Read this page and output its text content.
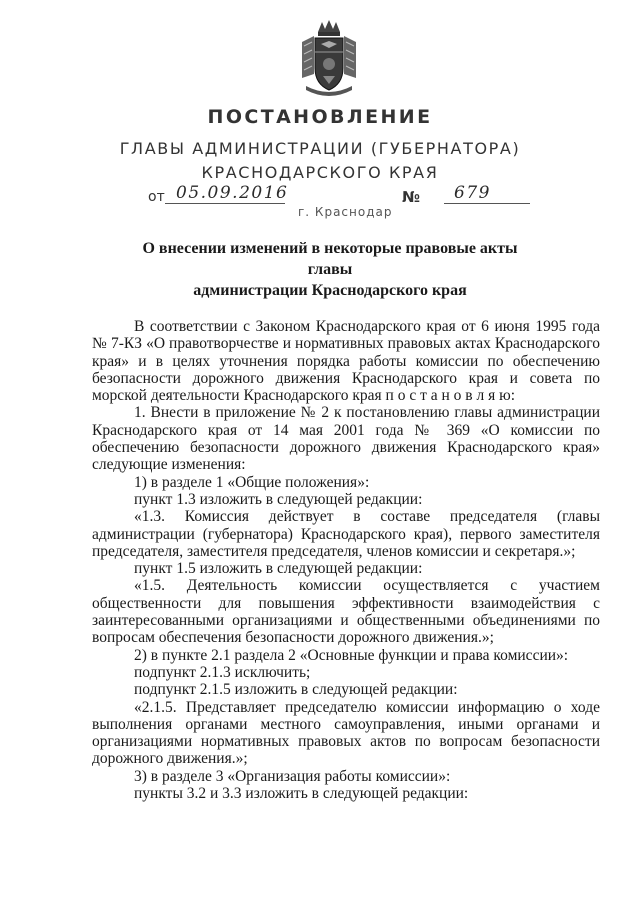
ПОСТАНОВЛЕНИЕ
ГЛАВЫ АДМИНИСТРАЦИИ (ГУБЕРНАТОРА)
КРАСНОДАРСКОГО КРАЯ
от 05.09.2016	№ 679
г. Краснодар
О внесении изменений в некоторые правовые акты главы
администрации Краснодарского края

В соответствии с Законом Краснодарского края от 6 июня 1995 года № 7-КЗ «О правотворчестве и нормативных правовых актах Краснодарского края» и в целях уточнения порядка работы комиссии по обеспечению безопасности дорожного движения Краснодарского края и совета по морской деятельности Краснодарского края п о с т а н о в л я ю:

1. Внести в приложение № 2 к постановлению главы администрации Краснодарского края от 14 мая 2001 года № 369 «О комиссии по обеспечению безопасности дорожного движения Краснодарского края» следующие изменения:

1) в разделе 1 «Общие положения»:

пункт 1.3 изложить в следующей редакции:

«1.3. Комиссия действует в составе председателя (главы администрации (губернатора) Краснодарского края), первого заместителя председателя, заместителя председателя, членов комиссии и секретаря.»;

пункт 1.5 изложить в следующей редакции:

«1.5. Деятельность комиссии осуществляется с участием общественности для повышения эффективности взаимодействия с заинтересованными организациями и общественными объединениями по вопросам обеспечения безопасности дорожного движения.»;

2) в пункте 2.1 раздела 2 «Основные функции и права комиссии»:

подпункт 2.1.3 исключить;

подпункт 2.1.5 изложить в следующей редакции:

«2.1.5. Представляет председателю комиссии информацию о ходе выполнения органами местного самоуправления, иными органами и организациями нормативных правовых актов по вопросам безопасности дорожного движения.»;

3) в разделе 3 «Организация работы комиссии»:

пункты 3.2 и 3.3 изложить в следующей редакции:
